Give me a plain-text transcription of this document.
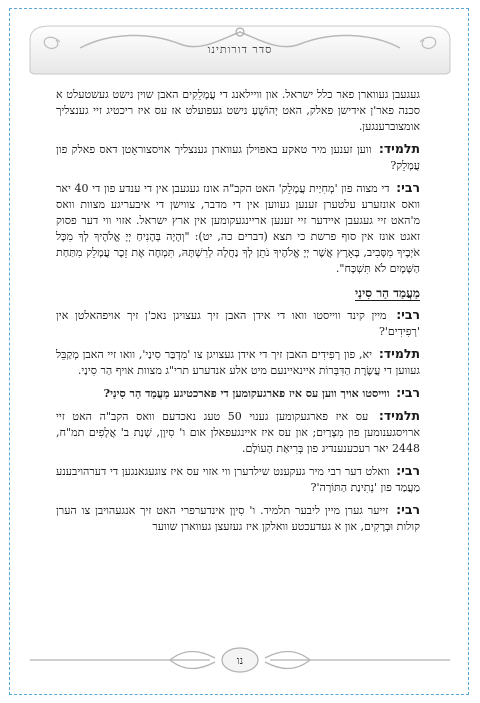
סדר דורותינו
נו

געגעבן געווארן פאר כלל ישראל. און וויילאנג די עֲמָלֵקִים האבן שוין נישט געשטעלט א סכנה פאר'ן אידישן פאלק, האט יְהוֹשֻׁעַ נישט געפועלט אז עס איז ריכטיג זיי גענצליך אומצוברענגען.

תלמיד: ווען זענען מיר טאקע באפוילן געווארן גענצליך אויסצוראָטן דאס פאלק פון עֲמָלֵק?

רבי: די מצוה פון 'מְחִיַית עֲמָלֵק' האט הקב"ה אונז געגעבן אין די ענדע פון די 40 יאר וואס אונזערע עלטערן זענען געווען אין די מדבר, צווישן די איבעריגע מצוות וואס מ'האט זיי געגעבן איידער זיי זענען אריינגעקומען אין ארץ ישראל. אזוי ווי דער פסוק זאגט אונז אין סוף פרשת כי תצא (דברים כה, יט): "וְהָיָה בְּהָנִיחַ יְיָ אֱלֹהֶיךָ לְךָ מִכָּל אֹיְבֶיךָ מִסָּבִיב, בָּאָרֶץ אֲשֶׁר יְיָ אֱלֹהֶיךָ נֹתֵן לְךָ נַחֲלָה לְרִשְׁתָּהּ, תִּמְחֶה אֶת זֵכֶר עֲמָלֵק מִתַּחַת הַשָּׁמָיִם לֹא תִּשְׁכָּח".

מַעֲמַד הַר סִינַי

רבי: מיין קינד ווייסטו וואו די אידן האבן זיך געצויגן נאכ'ן זיך אויפהאלטן אין 'רְפִידִים'?

תלמיד: יא, פון רְפִידִים האבן זיך די אידן געצויגן צו 'מִדְבַּר סִינַי', וואו זיי האבן מְקַבֵּל געווען די עֲשֶׂרֶת הַדִּבְּרוֹת איינאיינעם מיט אלע אנדערע תרי"ג מצוות אויף הַר סִינַי.

רבי: ווייסטו אויך ווען עס איז פארגעקומען די פארכטיגע מַעֲמַד הַר סִינַי?

תלמיד: עס איז פארגעקומען גענוי 50 טעג נאכדעם וואס הקב"ה האט זיי ארויסגענומען פון מִצְרַיִם; און עס איז איינגעפאלן אום ו' סִיוָן, שְׁנַת ב' אֲלָפִים תמ"ח, 2448 יאר רעכענענדיג פון בְּרִיאַת הָעוֹלָם.

רבי: וואלט דער רבי מיר געקענט שילדערן ווי אזוי עס איז צוגעגאנגען די דערהויבענע מַעֲמַד פון 'נְתִינַת הַתּוֹרָה'?

רבי: זייער גערן מיין ליבער תלמיד. ו' סִיוָן אינדערפרי האט זיך אנגעהויבן צו הערן קולות וּבְרָקִים, און א געדעכטע וואלקן איז געזעצן געווארן שווער
